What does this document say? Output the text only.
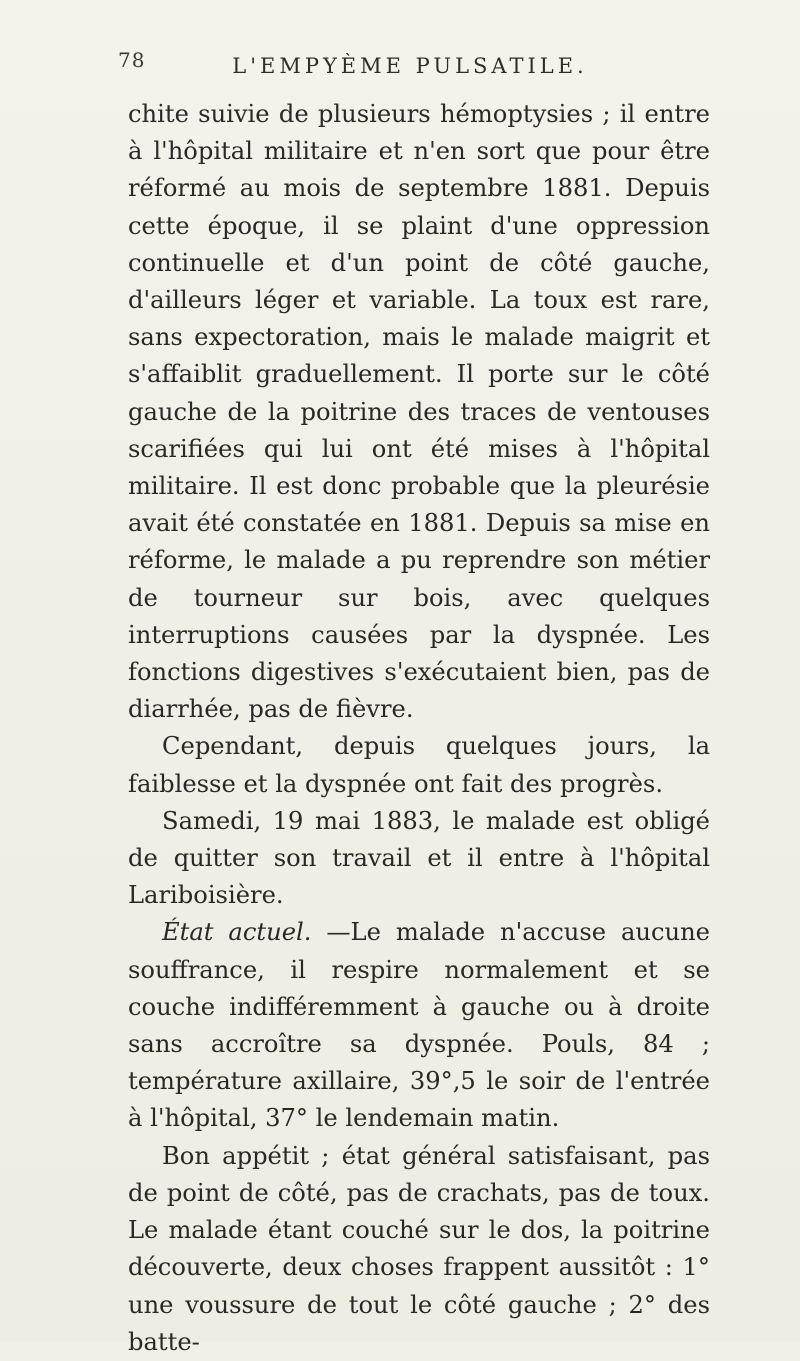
78	L'EMPYÈME PULSATILE.

chite suivie de plusieurs hémoptysies ; il entre à l'hôpital militaire et n'en sort que pour être réformé au mois de septembre 1881. Depuis cette époque, il se plaint d'une oppression continuelle et d'un point de côté gauche, d'ailleurs léger et variable. La toux est rare, sans expectoration, mais le malade maigrit et s'affaiblit graduellement. Il porte sur le côté gauche de la poitrine des traces de ventouses scarifiées qui lui ont été mises à l'hôpital militaire. Il est donc probable que la pleurésie avait été constatée en 1881. Depuis sa mise en réforme, le malade a pu reprendre son métier de tourneur sur bois, avec quelques interruptions causées par la dyspnée. Les fonctions digestives s'exécutaient bien, pas de diarrhée, pas de fièvre.

Cependant, depuis quelques jours, la faiblesse et la dyspnée ont fait des progrès.

Samedi, 19 mai 1883, le malade est obligé de quitter son travail et il entre à l'hôpital Lariboisière.

État actuel. —Le malade n'accuse aucune souffrance, il respire normalement et se couche indifféremment à gauche ou à droite sans accroître sa dyspnée. Pouls, 84 ; température axillaire, 39°,5 le soir de l'entrée à l'hôpital, 37° le lendemain matin.

Bon appétit ; état général satisfaisant, pas de point de côté, pas de crachats, pas de toux. Le malade étant couché sur le dos, la poitrine découverte, deux choses frappent aussitôt : 1° une voussure de tout le côté gauche ; 2° des batte-
